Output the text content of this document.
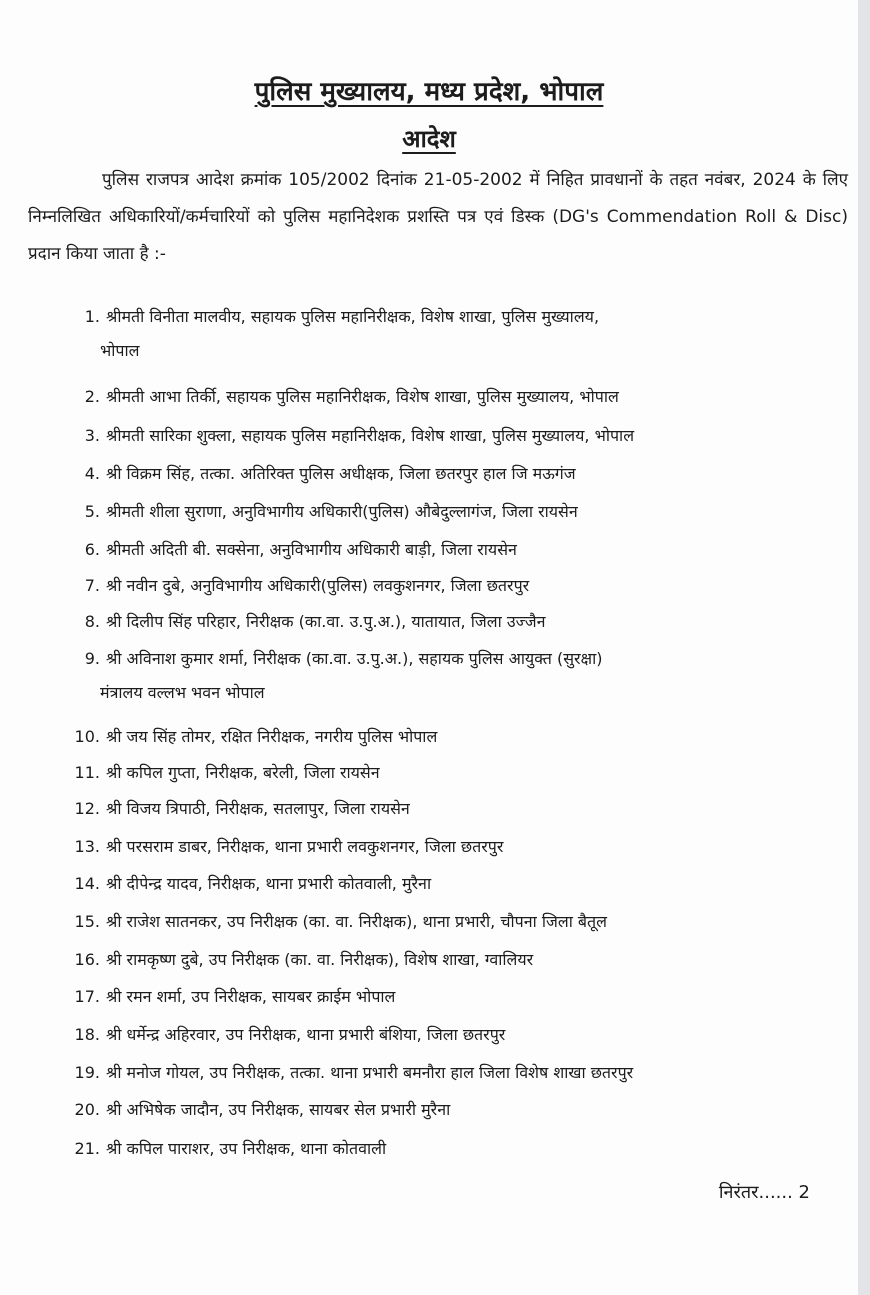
पुलिस मुख्यालय, मध्य प्रदेश, भोपाल
आदेश
पुलिस राजपत्र आदेश क्रमांक 105/2002 दिनांक 21-05-2002 में निहित प्रावधानों के तहत नवंबर, 2024 के लिए निम्नलिखित अधिकारियों/कर्मचारियों को पुलिस महानिदेशक प्रशस्ति पत्र एवं डिस्क (DG's Commendation Roll & Disc) प्रदान किया जाता है :-
1. श्रीमती विनीता मालवीय, सहायक पुलिस महानिरीक्षक, विशेष शाखा, पुलिस मुख्यालय,
भोपाल
2. श्रीमती आभा तिर्की, सहायक पुलिस महानिरीक्षक, विशेष शाखा, पुलिस मुख्यालय, भोपाल
3. श्रीमती सारिका शुक्ला, सहायक पुलिस महानिरीक्षक, विशेष शाखा, पुलिस मुख्यालय, भोपाल
4. श्री विक्रम सिंह, तत्का. अतिरिक्त पुलिस अधीक्षक, जिला छतरपुर हाल जि मऊगंज
5. श्रीमती शीला सुराणा, अनुविभागीय अधिकारी(पुलिस) औबेदुल्लागंज, जिला रायसेन
6. श्रीमती अदिती बी. सक्सेना, अनुविभागीय अधिकारी बाड़ी, जिला रायसेन
7. श्री नवीन दुबे, अनुविभागीय अधिकारी(पुलिस) लवकुशनगर, जिला छतरपुर
8. श्री दिलीप सिंह परिहार, निरीक्षक (का.वा. उ.पु.अ.), यातायात, जिला उज्जैन
9. श्री अविनाश कुमार शर्मा, निरीक्षक (का.वा. उ.पु.अ.), सहायक पुलिस आयुक्त (सुरक्षा)
मंत्रालय वल्लभ भवन भोपाल
10. श्री जय सिंह तोमर, रक्षित निरीक्षक, नगरीय पुलिस भोपाल
11. श्री कपिल गुप्ता, निरीक्षक, बरेली, जिला रायसेन
12. श्री विजय त्रिपाठी, निरीक्षक, सतलापुर, जिला रायसेन
13. श्री परसराम डाबर, निरीक्षक, थाना प्रभारी लवकुशनगर, जिला छतरपुर
14. श्री दीपेन्द्र यादव, निरीक्षक, थाना प्रभारी कोतवाली, मुरैना
15. श्री राजेश सातनकर, उप निरीक्षक (का. वा. निरीक्षक), थाना प्रभारी, चौपना जिला बैतूल
16. श्री रामकृष्ण दुबे, उप निरीक्षक (का. वा. निरीक्षक), विशेष शाखा, ग्वालियर
17. श्री रमन शर्मा, उप निरीक्षक, सायबर क्राईम भोपाल
18. श्री धर्मेन्द्र अहिरवार, उप निरीक्षक, थाना प्रभारी बंशिया, जिला छतरपुर
19. श्री मनोज गोयल, उप निरीक्षक, तत्का. थाना प्रभारी बमनौरा हाल जिला विशेष शाखा छतरपुर
20. श्री अभिषेक जादौन, उप निरीक्षक, सायबर सेल प्रभारी मुरैना
21. श्री कपिल पाराशर, उप निरीक्षक, थाना कोतवाली
निरंतर...... 2
